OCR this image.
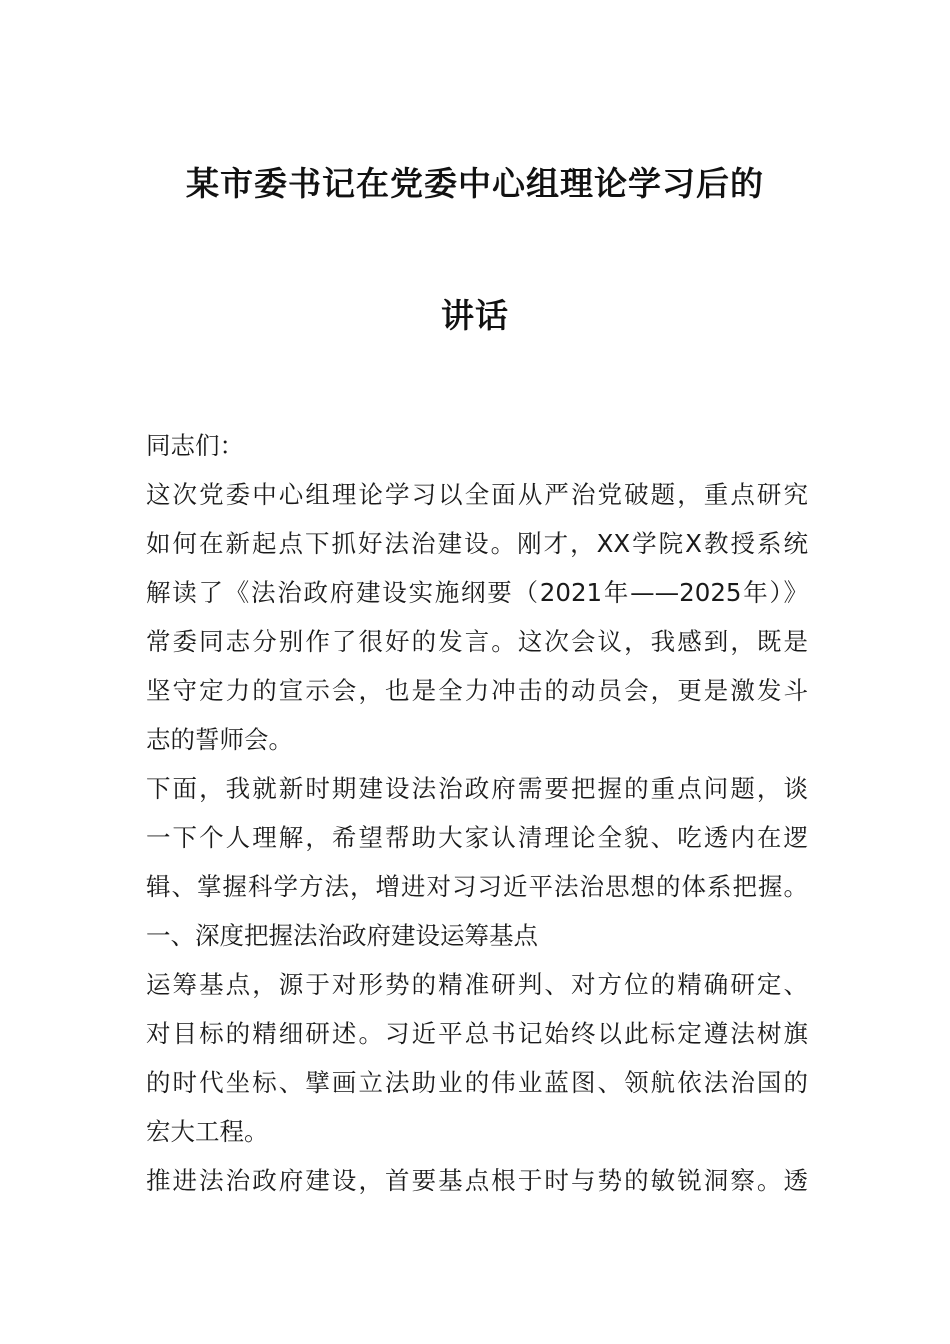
某市委书记在党委中心组理论学习后的
讲话
同志们：
这次党委中心组理论学习以全面从严治党破题，重点研究
如何在新起点下抓好法治建设。刚才，XX学院X教授系统
解读了《法治政府建设实施纲要（2021年——2025年）》
常委同志分别作了很好的发言。这次会议，我感到，既是
坚守定力的宣示会，也是全力冲击的动员会，更是激发斗
志的誓师会。
下面，我就新时期建设法治政府需要把握的重点问题，谈
一下个人理解，希望帮助大家认清理论全貌、吃透内在逻
辑、掌握科学方法，增进对习习近平法治思想的体系把握。
一、深度把握法治政府建设运筹基点
运筹基点，源于对形势的精准研判、对方位的精确研定、
对目标的精细研述。习近平总书记始终以此标定遵法树旗
的时代坐标、擘画立法助业的伟业蓝图、领航依法治国的
宏大工程。
推进法治政府建设，首要基点根于时与势的敏锐洞察。透
